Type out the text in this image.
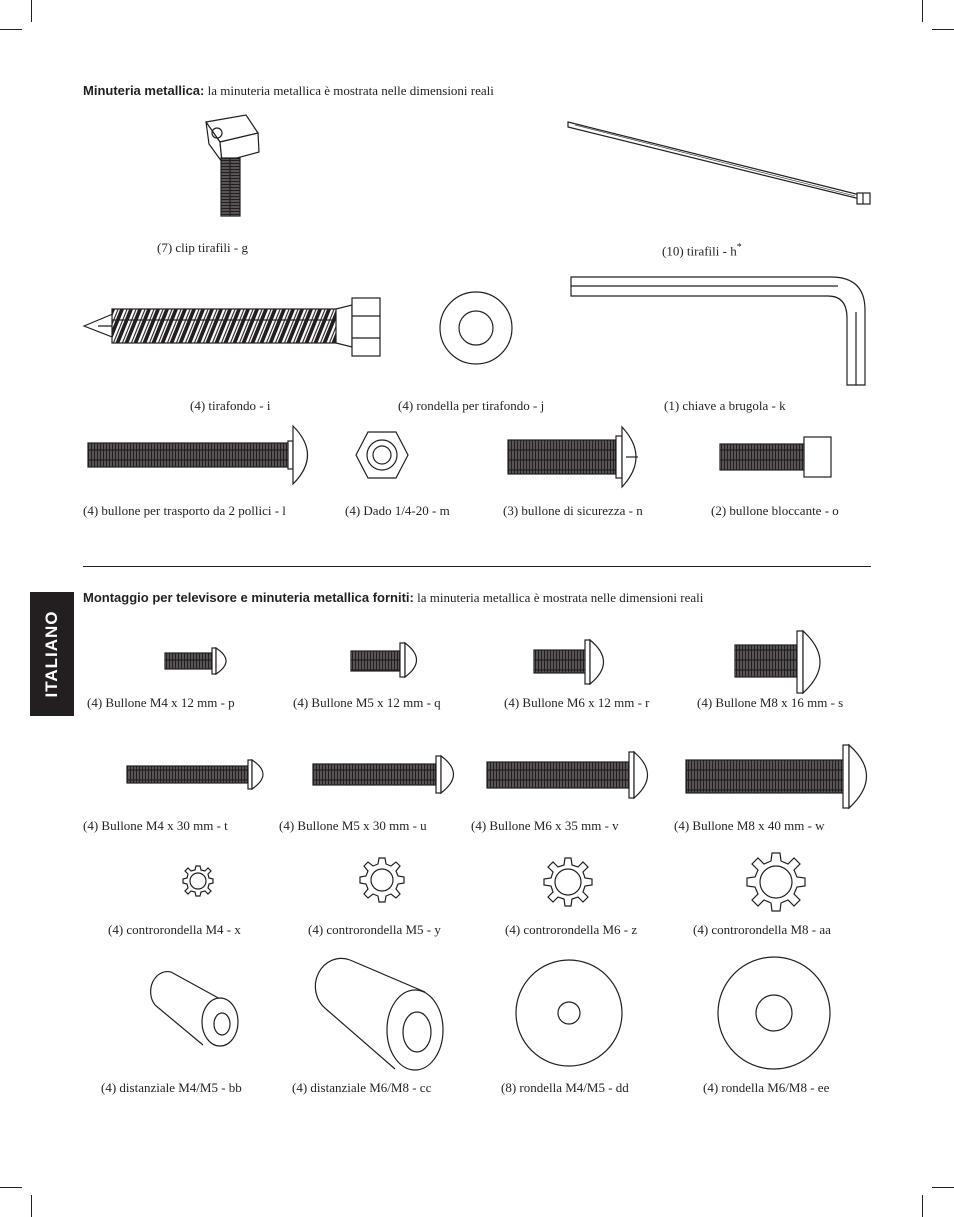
Minuteria metallica: la minuteria metallica è mostrata nelle dimensioni reali
Montaggio per televisore e minuteria metallica forniti: la minuteria metallica è mostrata nelle dimensioni reali
ITALIANO
(7) clip tirafili - g	(10) tirafili - h*
(4) tirafondo - i	(4) rondella per tirafondo - j	(1) chiave a brugola - k
(4) bullone per trasporto da 2 pollici - l	(4) Dado 1/4-20 - m	(3) bullone di sicurezza - n	(2) bullone bloccante - o
(4) Bullone M4 x 12 mm - p	(4) Bullone M5 x 12 mm - q	(4) Bullone M6 x 12 mm - r	(4) Bullone M8 x 16 mm - s
(4) Bullone M4 x 30 mm - t	(4) Bullone M5 x 30 mm - u	(4) Bullone M6 x 35 mm - v	(4) Bullone M8 x 40 mm - w
(4) controrondella M4 - x	(4) controrondella M5 - y	(4) controrondella M6 - z	(4) controrondella M8 - aa
(4) distanziale M4/M5 - bb	(4) distanziale M6/M8 - cc	(8) rondella M4/M5 - dd	(4) rondella M6/M8 - ee
